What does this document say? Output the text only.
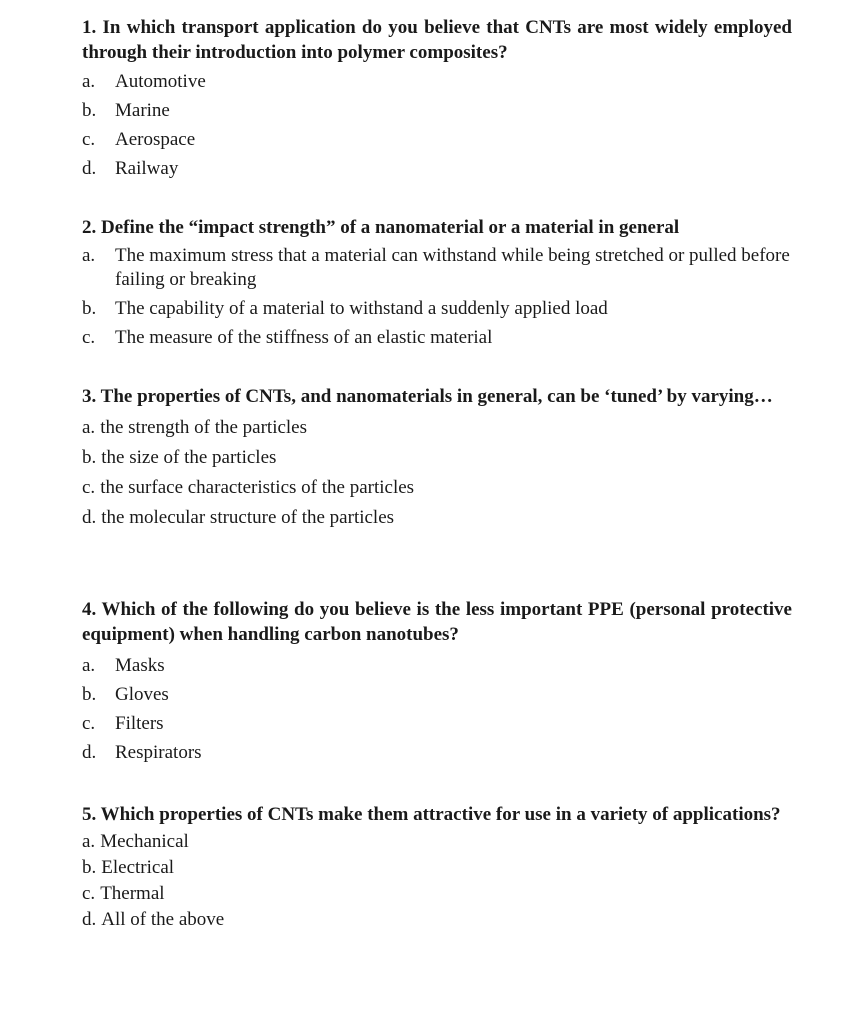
1. In which transport application do you believe that CNTs are most widely employed through their introduction into polymer composites?

a.	Automotive
b. Marine
c.	Aerospace
d. Railway

2. Define the “impact strength” of a nanomaterial or a material in general

a.	The maximum stress that a material can withstand while being stretched or pulled before failing or breaking
b. The capability of a material to withstand a suddenly applied load
c.	The measure of the stiffness of an elastic material

3. The properties of CNTs, and nanomaterials in general, can be ‘tuned’ by varying…

a. the strength of the particles
b. the size of the particles
c. the surface characteristics of the particles
d. the molecular structure of the particles

4. Which of the following do you believe is the less important PPE (personal protective equipment) when handling carbon nanotubes?

a.	Masks
b. Gloves
c.	Filters
d. Respirators

5. Which properties of CNTs make them attractive for use in a variety of applications?

a. Mechanical
b. Electrical
c. Thermal
d. All of the above
